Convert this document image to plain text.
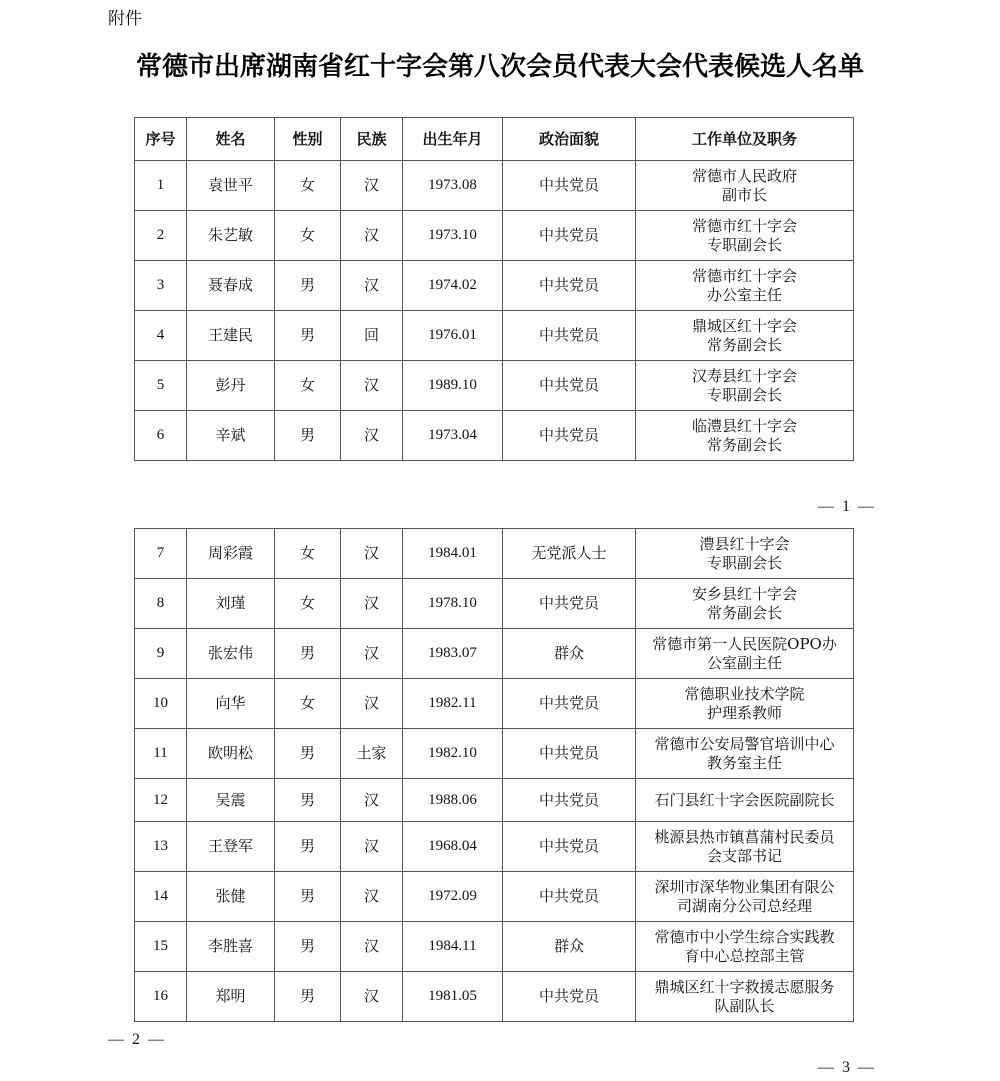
附件
常德市出席湖南省红十字会第八次会员代表大会代表候选人名单
序号	姓名	性别	民族	出生年月	政治面貌	工作单位及职务
1	袁世平	女	汉	1973.08	中共党员	常德市人民政府
副市长

2	朱艺敏	女	汉	1973.10	中共党员	常德市红十字会
专职副会长

3	聂春成	男	汉	1974.02	中共党员	常德市红十字会
办公室主任

4	王建民	男	回	1976.01	中共党员	鼎城区红十字会
常务副会长

5	彭丹	女	汉	1989.10	中共党员	汉寿县红十字会
专职副会长

6	辛斌	男	汉	1973.04	中共党员	临澧县红十字会
常务副会长
— 1 —
7	周彩霞	女	汉	1984.01	无党派人士	澧县红十字会
专职副会长

8	刘瑾	女	汉	1978.10	中共党员	安乡县红十字会
常务副会长

9	张宏伟	男	汉	1983.07	群众	常德市第一人民医院OPO办
公室副主任

10	向华	女	汉	1982.11	中共党员	常德职业技术学院
护理系教师

11	欧明松	男	土家	1982.10	中共党员	常德市公安局警官培训中心
教务室主任

12	吴震	男	汉	1988.06	中共党员	石门县红十字会医院副院长

13	王登军	男	汉	1968.04	中共党员	桃源县热市镇菖蒲村民委员
会支部书记

14	张健	男	汉	1972.09	中共党员	深圳市深华物业集团有限公
司湖南分公司总经理

15	李胜喜	男	汉	1984.11	群众	常德市中小学生综合实践教
育中心总控部主管

16	郑明	男	汉	1981.05	中共党员	鼎城区红十字救援志愿服务
队副队长
— 2 —
— 3 —
